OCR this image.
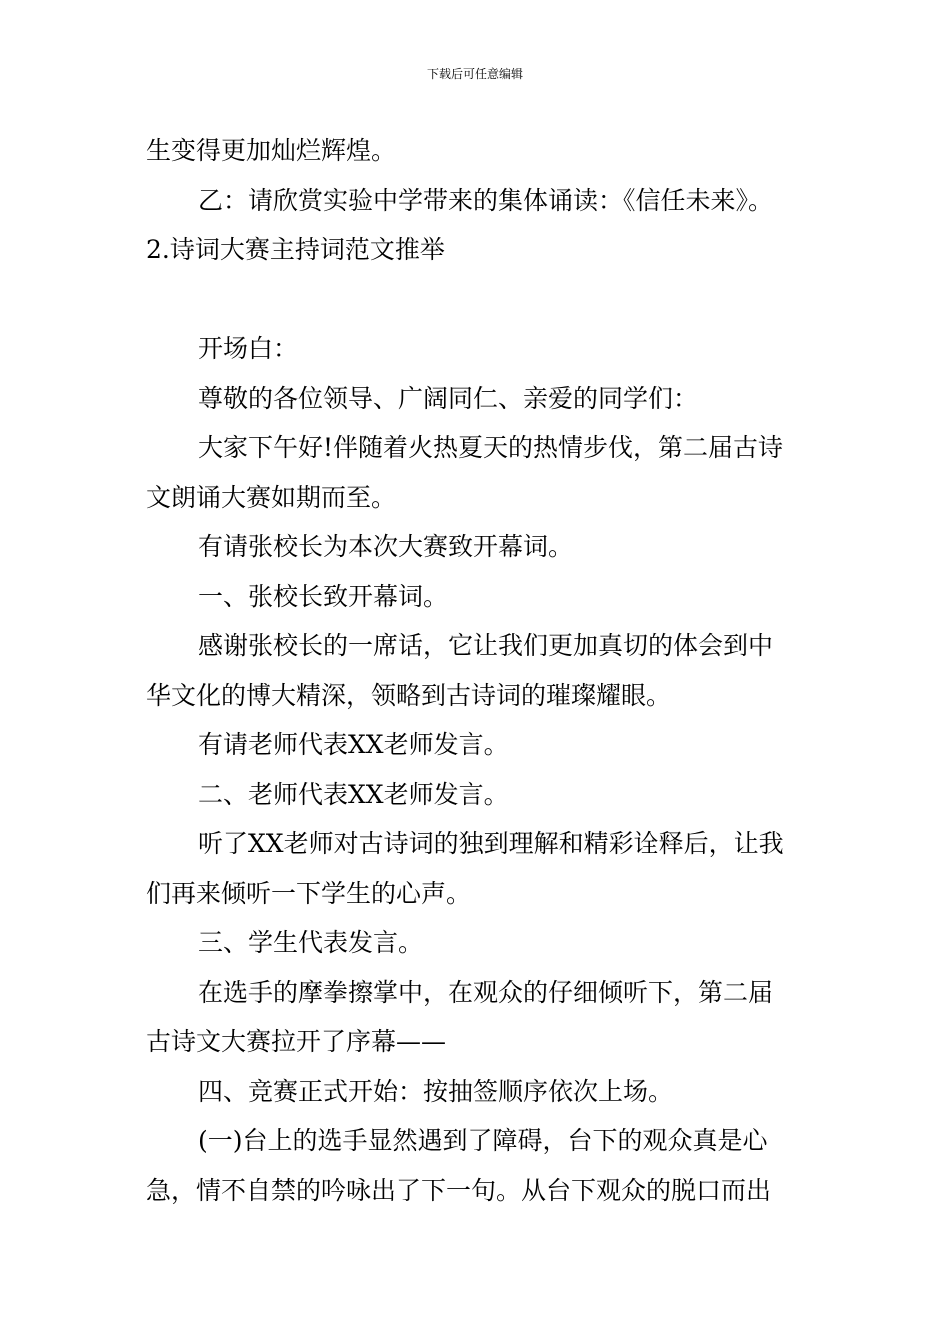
下载后可任意编辑

生变得更加灿烂辉煌。

乙：请欣赏实验中学带来的集体诵读：《信任未来》。

2.诗词大赛主持词范文推举

开场白：

尊敬的各位领导、广阔同仁、亲爱的同学们：

大家下午好!伴随着火热夏天的热情步伐，第二届古诗

文朗诵大赛如期而至。

有请张校长为本次大赛致开幕词。

一、张校长致开幕词。

感谢张校长的一席话，它让我们更加真切的体会到中

华文化的博大精深，领略到古诗词的璀璨耀眼。

有请老师代表XX老师发言。

二、老师代表XX老师发言。

听了XX老师对古诗词的独到理解和精彩诠释后，让我

们再来倾听一下学生的心声。

三、学生代表发言。

在选手的摩拳擦掌中，在观众的仔细倾听下，第二届

古诗文大赛拉开了序幕——

四、竞赛正式开始：按抽签顺序依次上场。

(一)台上的选手显然遇到了障碍，台下的观众真是心

急，情不自禁的吟咏出了下一句。从台下观众的脱口而出
